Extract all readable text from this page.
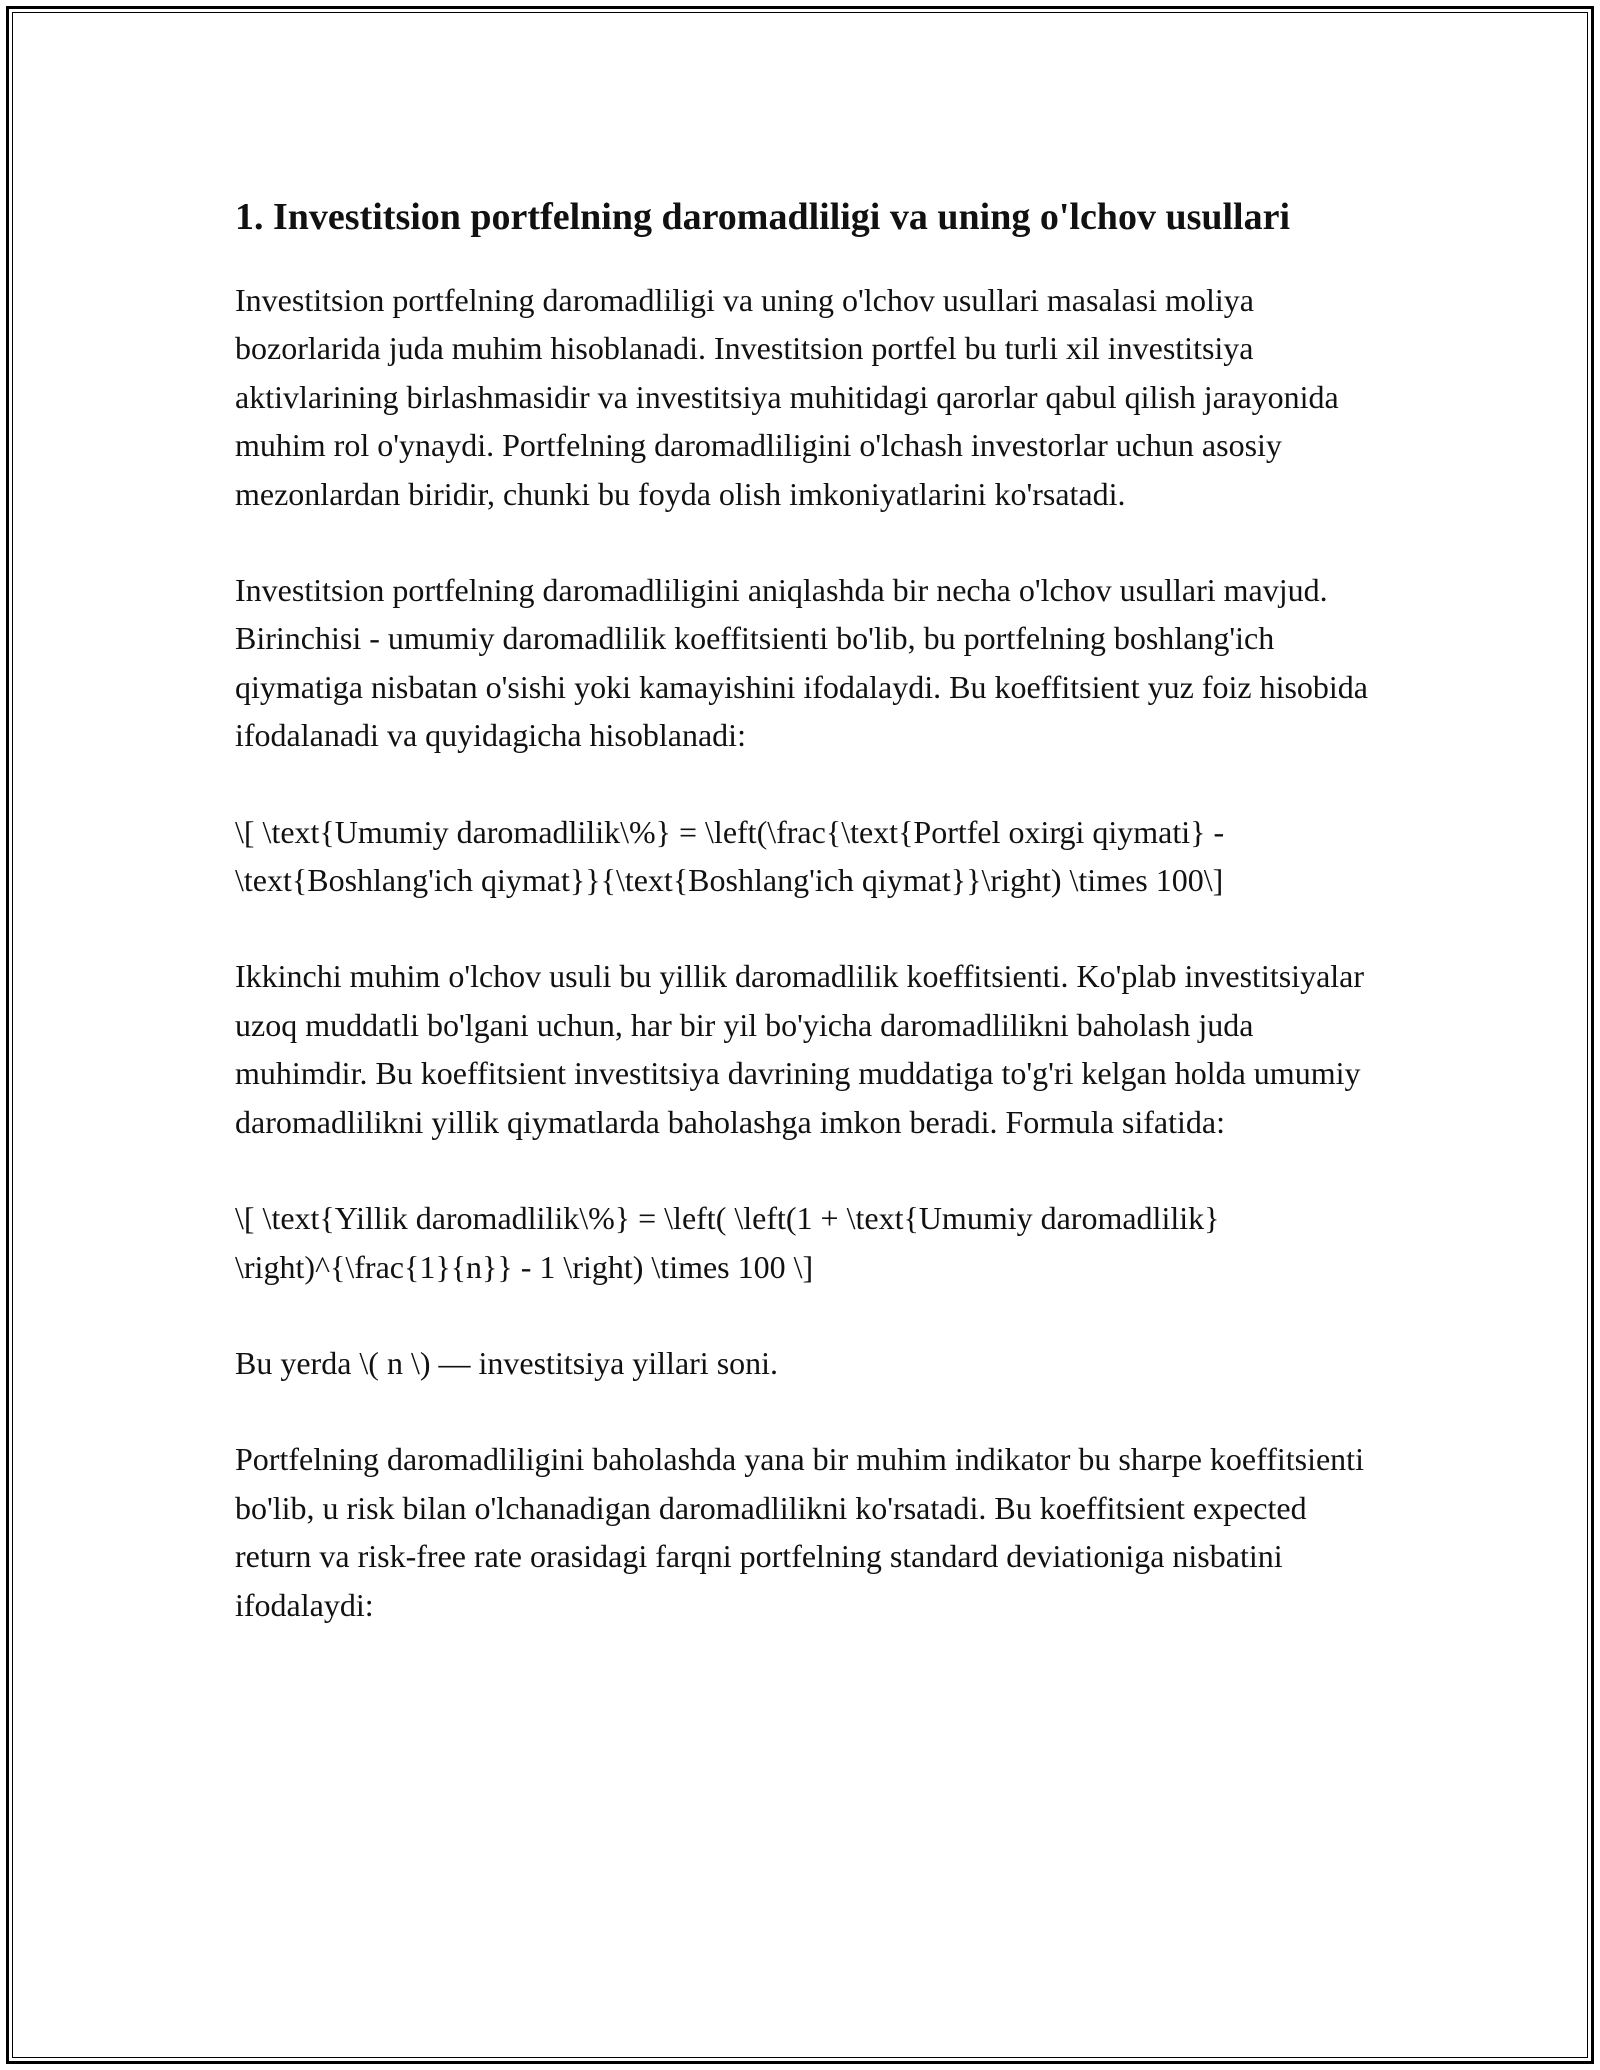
1. Investitsion portfelning daromadliligi va uning o'lchov usullari

Investitsion portfelning daromadliligi va uning o'lchov usullari masalasi moliya bozorlarida juda muhim hisoblanadi. Investitsion portfel bu turli xil investitsiya aktivlarining birlashmasidir va investitsiya muhitidagi qarorlar qabul qilish jarayonida muhim rol o'ynaydi. Portfelning daromadliligini o'lchash investorlar uchun asosiy mezonlardan biridir, chunki bu foyda olish imkoniyatlarini ko'rsatadi.

Investitsion portfelning daromadliligini aniqlashda bir necha o'lchov usullari mavjud. Birinchisi - umumiy daromadlilik koeffitsienti bo'lib, bu portfelning boshlang'ich qiymatiga nisbatan o'sishi yoki kamayishini ifodalaydi. Bu koeffitsient yuz foiz hisobida ifodalanadi va quyidagicha hisoblanadi:

\[ \text{Umumiy daromadlilik\%} = \left(\frac{\text{Portfel oxirgi qiymati} - \text{Boshlang'ich qiymat}}{\text{Boshlang'ich qiymat}}\right) \times 100\]

Ikkinchi muhim o'lchov usuli bu yillik daromadlilik koeffitsienti. Ko'plab investitsiyalar uzoq muddatli bo'lgani uchun, har bir yil bo'yicha daromadlilikni baholash juda muhimdir. Bu koeffitsient investitsiya davrining muddatiga to'g'ri kelgan holda umumiy daromadlilikni yillik qiymatlarda baholashga imkon beradi. Formula sifatida:

\[ \text{Yillik daromadlilik\%} = \left( \left(1 + \text{Umumiy daromadlilik} \right)^{\frac{1}{n}} - 1 \right) \times 100 \]

Bu yerda \( n \) — investitsiya yillari soni.

Portfelning daromadliligini baholashda yana bir muhim indikator bu sharpe koeffitsienti bo'lib, u risk bilan o'lchanadigan daromadlilikni ko'rsatadi. Bu koeffitsient expected return va risk-free rate orasidagi farqni portfelning standard deviationiga nisbatini ifodalaydi:
